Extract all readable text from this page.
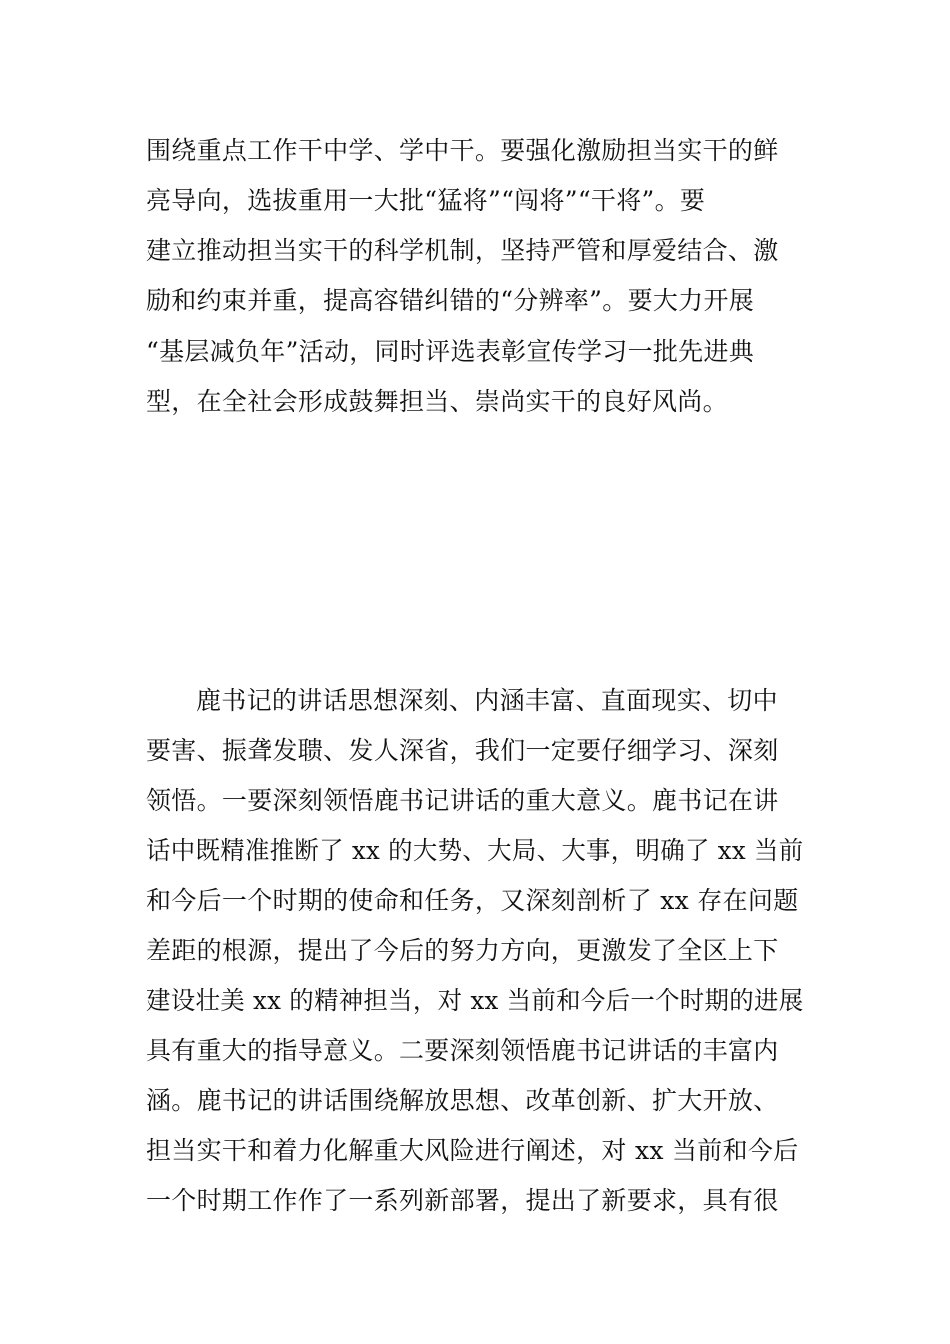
围绕重点工作干中学、学中干。要强化激励担当实干的鲜
亮导向，选拔重用一大批“猛将”“闯将”“干将”。要
建立推动担当实干的科学机制，坚持严管和厚爱结合、激
励和约束并重，提高容错纠错的“分辨率”。要大力开展
“基层减负年”活动，同时评选表彰宣传学习一批先进典
型，在全社会形成鼓舞担当、崇尚实干的良好风尚。
鹿书记的讲话思想深刻、内涵丰富、直面现实、切中
要害、振聋发聩、发人深省，我们一定要仔细学习、深刻
领悟。一要深刻领悟鹿书记讲话的重大意义。鹿书记在讲
话中既精准推断了 xx 的大势、大局、大事，明确了 xx 当前
和今后一个时期的使命和任务，又深刻剖析了 xx 存在问题
差距的根源，提出了今后的努力方向，更激发了全区上下
建设壮美 xx 的精神担当，对 xx 当前和今后一个时期的进展
具有重大的指导意义。二要深刻领悟鹿书记讲话的丰富内
涵。鹿书记的讲话围绕解放思想、改革创新、扩大开放、
担当实干和着力化解重大风险进行阐述，对 xx 当前和今后
一个时期工作作了一系列新部署，提出了新要求，具有很
